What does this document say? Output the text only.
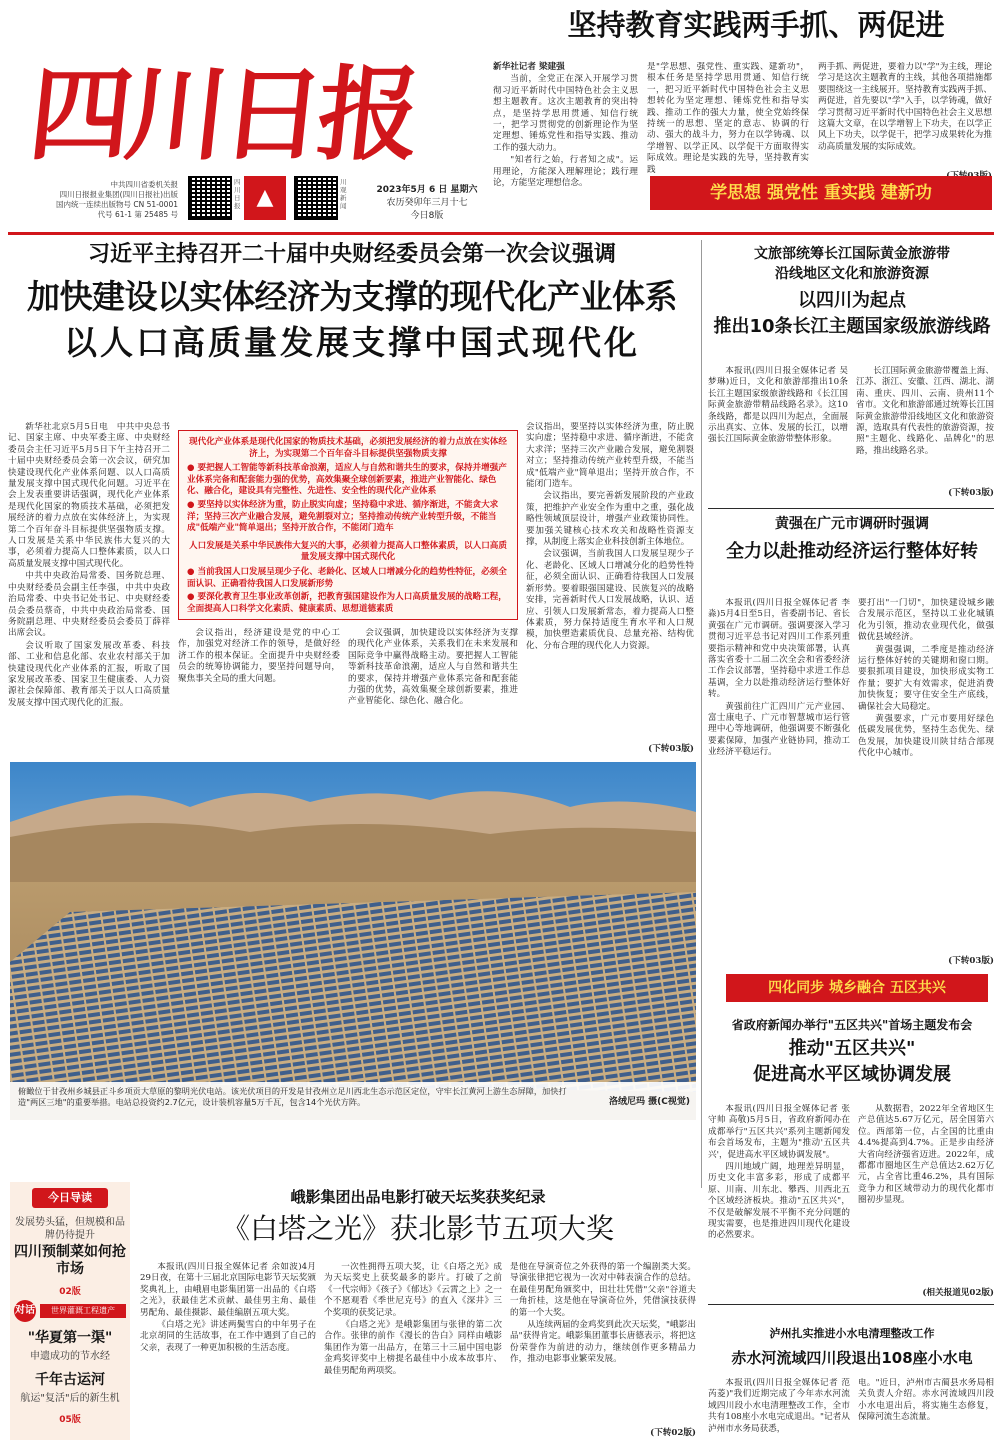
四川日报
中共四川省委机关报
四川日报报业集团(四川日报社)出版
国内统一连续出版物号 CN 51-0001
代号 61-1 第 25485 号
四川日报 ▲
川观新闻
2023年5月 6 日 星期六
农历癸卯年三月十七
今日8版
坚持教育实践两手抓、两促进

新华社记者 梁建强

当前，全党正在深入开展学习贯彻习近平新时代中国特色社会主义思想主题教育。这次主题教育的突出特点，是坚持学思用贯通、知信行统一，把学习贯彻党的创新理论作为坚定理想、锤炼党性和指导实践、推动工作的强大动力。

"知者行之始，行者知之成"。运用理论，方能深入理解理论；践行理论，方能坚定理想信念。

是"学思想、强党性、重实践、建新功"，根本任务是坚持学思用贯通、知信行统一，把习近平新时代中国特色社会主义思想转化为坚定理想、锤炼党性和指导实践、推动工作的强大力量，使全党始终保持统一的思想、坚定的意志、协调的行动、强大的战斗力，努力在以学铸魂、以学增智、以学正风、以学促干方面取得实际成效。理论是实践的先导，坚持教育实践

两手抓、两促进，要着力以"学"为主线，理论学习是这次主题教育的主线，其他各项措施都要围绕这一主线展开。坚持教育实践两手抓、两促进，首先要以"学"入手，以学铸魂，做好学习贯彻习近平新时代中国特色社会主义思想这篇大文章，在以学增智上下功夫，在以学正风上下功夫，以学促干，把学习成果转化为推动高质量发展的实际成效。

学思想 强党性 重实践 建新功
习近平主持召开二十届中央财经委员会第一次会议强调
加快建设以实体经济为支撑的现代化产业体系
以人口高质量发展支撑中国式现代化

新华社北京5月5日电　中共中央总书记、国家主席、中央军委主席、中央财经委员会主任习近平5月5日下午主持召开二十届中央财经委员会第一次会议，研究加快建设现代化产业体系问题、以人口高质量发展支撑中国式现代化问题。习近平在会上发表重要讲话强调，现代化产业体系是现代化国家的物质技术基础，必须把发展经济的着力点放在实体经济上，为实现第二个百年奋斗目标提供坚强物质支撑。人口发展是关系中华民族伟大复兴的大事，必须着力提高人口整体素质，以人口高质量发展支撑中国式现代化。

中共中央政治局常委、国务院总理、中央财经委员会副主任李强，中共中央政治局常委、中央书记处书记、中央财经委员会委员蔡奇，中共中央政治局常委、国务院副总理、中央财经委员会委员丁薛祥出席会议。

会议听取了国家发展改革委、科技部、工业和信息化部、农业农村部关于加快建设现代化产业体系的汇报，听取了国家发展改革委、国家卫生健康委、人力资源社会保障部、教育部关于以人口高质量发展支撑中国式现代化的汇报。

现代化产业体系是现代化国家的物质技术基础，必须把发展经济的着力点放在实体经济上，为实现第二个百年奋斗目标提供坚强物质支撑
● 要把握人工智能等新科技革命浪潮，适应人与自然和谐共生的要求，保持并增强产业体系完备和配套能力强的优势，高效集聚全球创新要素，推进产业智能化、绿色化、融合化，建设具有完整性、先进性、安全性的现代化产业体系
● 要坚持以实体经济为重，防止脱实向虚；坚持稳中求进、循序渐进，不能贪大求洋；坚持三次产业融合发展，避免割裂对立；坚持推动传统产业转型升级，不能当成"低端产业"简单退出；坚持开放合作，不能闭门造车
人口发展是关系中华民族伟大复兴的大事，必须着力提高人口整体素质，以人口高质量发展支撑中国式现代化
● 当前我国人口发展呈现少子化、老龄化、区域人口增减分化的趋势性特征，必须全面认识、正确看待我国人口发展新形势
● 要深化教育卫生事业改革创新，把教育强国建设作为人口高质量发展的战略工程，全面提高人口科学文化素质、健康素质、思想道德素质

会议指出，经济建设是党的中心工作，加强党对经济工作的领导，是做好经济工作的根本保证。全面提升中央财经委员会的统筹协调能力，要坚持问题导向，聚焦事关全局的重大问题。

会议强调，加快建设以实体经济为支撑的现代化产业体系，关系我们在未来发展和国际竞争中赢得战略主动。要把握人工智能等新科技革命浪潮，适应人与自然和谐共生的要求，保持并增强产业体系完备和配套能力强的优势，高效集聚全球创新要素，推进产业智能化、绿色化、融合化。

会议指出，要坚持以实体经济为重，防止脱实向虚；坚持稳中求进、循序渐进，不能贪大求洋；坚持三次产业融合发展，避免割裂对立；坚持推动传统产业转型升级，不能当成"低端产业"简单退出；坚持开放合作，不能闭门造车。

会议指出，要完善新发展阶段的产业政策，把维护产业安全作为重中之重，强化战略性领域顶层设计，增强产业政策协同性。要加强关键核心技术攻关和战略性资源支撑，从制度上落实企业科技创新主体地位。

会议强调，当前我国人口发展呈现少子化、老龄化、区域人口增减分化的趋势性特征，必须全面认识、正确看待我国人口发展新形势。要着眼强国建设、民族复兴的战略安排，完善新时代人口发展战略，认识、适应、引领人口发展新常态，着力提高人口整体素质，努力保持适度生育水平和人口规模，加快塑造素质优良、总量充裕、结构优化、分布合理的现代化人力资源。

(下转03版)
文旅部统筹长江国际黄金旅游带
沿线地区文化和旅游资源
以四川为起点
推出10条长江主题国家级旅游线路

本报讯(四川日报全媒体记者 吴梦琳)近日，文化和旅游部推出10条长江主题国家级旅游线路和《长江国际黄金旅游带精品线路名录》。这10条线路，都是以四川为起点，全面展示出真实、立体、发展的长江，以增强长江国际黄金旅游带整体形象。

长江国际黄金旅游带覆盖上海、江苏、浙江、安徽、江西、湖北、湖南、重庆、四川、云南、贵州11个省市。文化和旅游部通过统筹长江国际黄金旅游带沿线地区文化和旅游资源，选取具有代表性的旅游资源，按照"主题化、线路化、品牌化"的思路，推出线路名录。

(下转03版)
黄强在广元市调研时强调
全力以赴推动经济运行整体好转

本报讯(四川日报全媒体记者 李淼)5月4日至5日，省委副书记、省长黄强在广元市调研。强调要深入学习贯彻习近平总书记对四川工作系列重要指示精神和党中央决策部署，认真落实省委十二届二次全会和省委经济工作会议部署，坚持稳中求进工作总基调，全力以赴推动经济运行整体好转。

黄强前往广汇四川广元产业园、富士康电子、广元市智慧城市运行管理中心等地调研，他强调要不断强化要素保障，加强产业链协同，推动工业经济平稳运行。

要打出"一门切"，加快建设城乡融合发展示范区，坚持以工业化城镇化为引领，推动农业现代化，做强做优县域经济。

黄强强调，二季度是推动经济运行整体好转的关键期和窗口期。要狠抓项目建设，加快形成实物工作量；要扩大有效需求，促进消费加快恢复；要守住安全生产底线，确保社会大局稳定。

黄强要求，广元市要用好绿色低碳发展优势，坚持生态优先、绿色发展，加快建设川陕甘结合部现代化中心城市。

(下转03版)
俯瞰位于甘孜州乡城县正斗乡项贡大草原的黎明光伏电站。该光伏项目的开发是甘孜州立足川西北生态示范区定位，守牢长江黄河上游生态屏障，加快打造"两区三地"的重要举措。电站总投资约2.7亿元，设计装机容量5万千瓦，包含14个光伏方阵。	洛绒尼玛 摄(C视觉)
四化同步 城乡融合 五区共兴
省政府新闻办举行"五区共兴"首场主题发布会
推动"五区共兴"
促进高水平区域协调发展

本报讯(四川日报全媒体记者 张守帅 高敬)5月5日，省政府新闻办在成都举行"五区共兴"系列主题新闻发布会首场发布，主题为"推动'五区共兴'，促进高水平区域协调发展"。

四川地域广阔，地理差异明显，历史文化丰富多彩，形成了成都平原、川南、川东北、攀西、川西北五个区域经济板块。推动"五区共兴"，不仅是破解发展不平衡不充分问题的现实需要，也是推进四川现代化建设的必然要求。

从数据看，2022年全省地区生产总值达5.67万亿元，居全国第六位。西部第一位，占全国的比重由4.4%提高到4.7%。正是步由经济大省向经济强省迈进。2022年，成都都市圈地区生产总值达2.62万亿元，占全省比重46.2%，具有国际竞争力和区域带动力的现代化都市圈初步显现。

(相关报道见02版)
泸州扎实推进小水电清理整改工作
赤水河流域四川段退出108座小水电

本报讯(四川日报全媒体记者 范芮菱)"我们近期完成了今年赤水河流域四川段小水电清理整改工作，全市共有108座小水电完成退出。"记者从泸州市水务局获悉，

电。"近日，泸州市古蔺县水务局相关负责人介绍。赤水河流域四川段小水电退出后，将实施生态修复，保障河流生态流量。

今日导读
发展势头猛，但规模和品牌仍待提升
四川预制菜如何抢市场
02版
对话	世界灌溉工程遗产
"华夏第一渠"
申遗成功的节水经
千年古运河
航运"复活"后的新生机
05版
峨影集团出品电影打破天坛奖获奖纪录
《白塔之光》获北影节五项大奖

本报讯(四川日报全媒体记者 余如波)4月29日夜，在第十三届北京国际电影节天坛奖颁奖典礼上，由峨眉电影集团第一出品的《白塔之光》，获最佳艺术贡献、最佳男主角、最佳男配角、最佳摄影、最佳编剧五项大奖。

《白塔之光》讲述两鬓雪白的中年男子在北京胡同的生活故事，在工作中遇到了自己的父亲，表现了一种更加积极的生活态度。

一次性拥得五项大奖，让《白塔之光》成为天坛奖史上获奖最多的影片。打破了之前《一代宗师》《孩子》《郁达》《云霄之上》之一个不愿观看《季世尼克号》的直入《深井》三个奖项的获奖记录。

《白塔之光》是峨影集团与张律的第二次合作。张律的前作《漫长的告白》同样由峨影集团作为第一出品方，在第三十三届中国电影金鸡奖评奖中上榜提名最佳中小成本故事片、最佳男配角两项奖。

是他在导演奇位之外获得的第一个编剧类大奖。导演张律把它视为一次对中韩表演合作的总结。在最佳男配角颁奖中，田壮壮凭借"父亲"谷道夫一角折桂，这是他在导演奇位外，凭借演技获得的第一个大奖。

从连续两届的金鸡奖到此次天坛奖，"峨影出品"获得肯定。峨影集团董事长唐德表示，将把这份荣誉作为前进的动力，继续创作更多精品力作，推动电影事业繁荣发展。

(下转02版)
